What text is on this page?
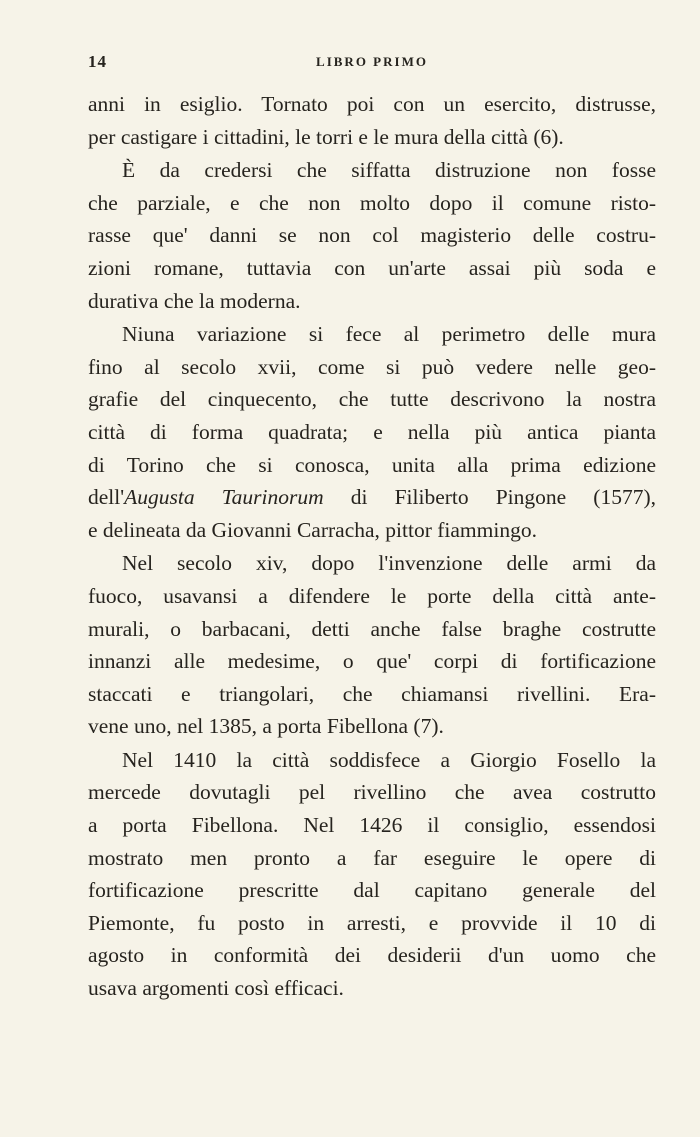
14	LIBRO PRIMO
anni in esiglio. Tornato poi con un esercito, distrusse,
per castigare i cittadini, le torri e le mura della città (6).
È da credersi che siffatta distruzione non fosse
che parziale, e che non molto dopo il comune risto-
rasse que' danni se non col magisterio delle costru-
zioni romane, tuttavia con un'arte assai più soda e
durativa che la moderna.
Niuna variazione si fece al perimetro delle mura
fino al secolo xvii, come si può vedere nelle geo-
grafie del cinquecento, che tutte descrivono la nostra
città di forma quadrata; e nella più antica pianta
di Torino che si conosca, unita alla prima edizione
dell'Augusta Taurinorum di Filiberto Pingone (1577),
e delineata da Giovanni Carracha, pittor fiammingo.
Nel secolo xiv, dopo l'invenzione delle armi da
fuoco, usavansi a difendere le porte della città ante-
murali, o barbacani, detti anche false braghe costrutte
innanzi alle medesime, o que' corpi di fortificazione
staccati e triangolari, che chiamansi rivellini. Era-
vene uno, nel 1385, a porta Fibellona (7).
Nel 1410 la città soddisfece a Giorgio Fosello la
mercede dovutagli pel rivellino che avea costrutto
a porta Fibellona. Nel 1426 il consiglio, essendosi
mostrato men pronto a far eseguire le opere di
fortificazione prescritte dal capitano generale del
Piemonte, fu posto in arresti, e provvide il 10 di
agosto in conformità dei desiderii d'un uomo che
usava argomenti così efficaci.
